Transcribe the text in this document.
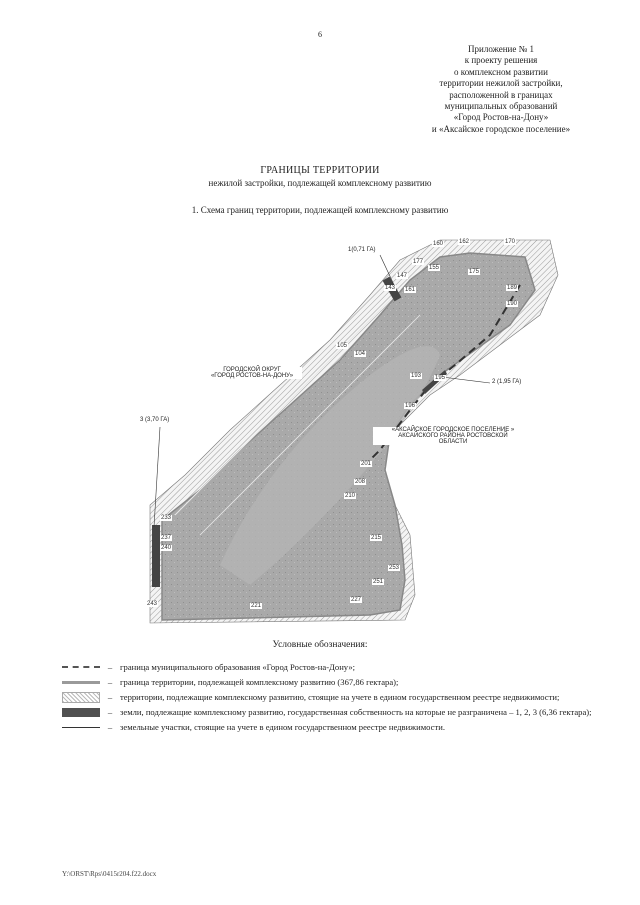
6
Приложение № 1
к проекту решения
о комплексном развитии
территории нежилой застройки,
расположенной в границах
муниципальных образований
«Город Ростов-на-Дону»
и «Аксайское городское поселение»
ГРАНИЦЫ ТЕРРИТОРИИ
нежилой застройки, подлежащей комплексному развитию
1. Схема границ территории, подлежащей комплексному развитию
1(0,71 ГА)
2 (1,95 ГА)
3 (3,70 ГА)
ГОРОДСКОЙ ОКРУГ
«ГОРОД РОСТОВ-НА-ДОНУ»
«АКСАЙСКОЕ ГОРОДСКОЕ ПОСЕЛЕНИЕ »
АКСАЙСКОГО РАЙОНА РОСТОВСКОЙ
ОБЛАСТИ
160	162	170
177
147
155
161
175
143	189
190
105
104
193 195
196
201
208
210
215
233
237
240
243	221
227
251
253
Условные обозначения:
– граница муниципального образования «Город Ростов-на-Дону»;
– граница территории, подлежащей комплексному развитию (367,86 гектара);
– территории, подлежащие комплексному развитию, стоящие на учете в едином государственном реестре недвижимости;
– земли, подлежащие комплексному развитию, государственная собственность на которые не разграничена – 1, 2, 3 (6,36 гектара);
– земельные участки, стоящие на учете в едином государственном реестре недвижимости.
Y:\ORST\Rps\0415r204.f22.docx
